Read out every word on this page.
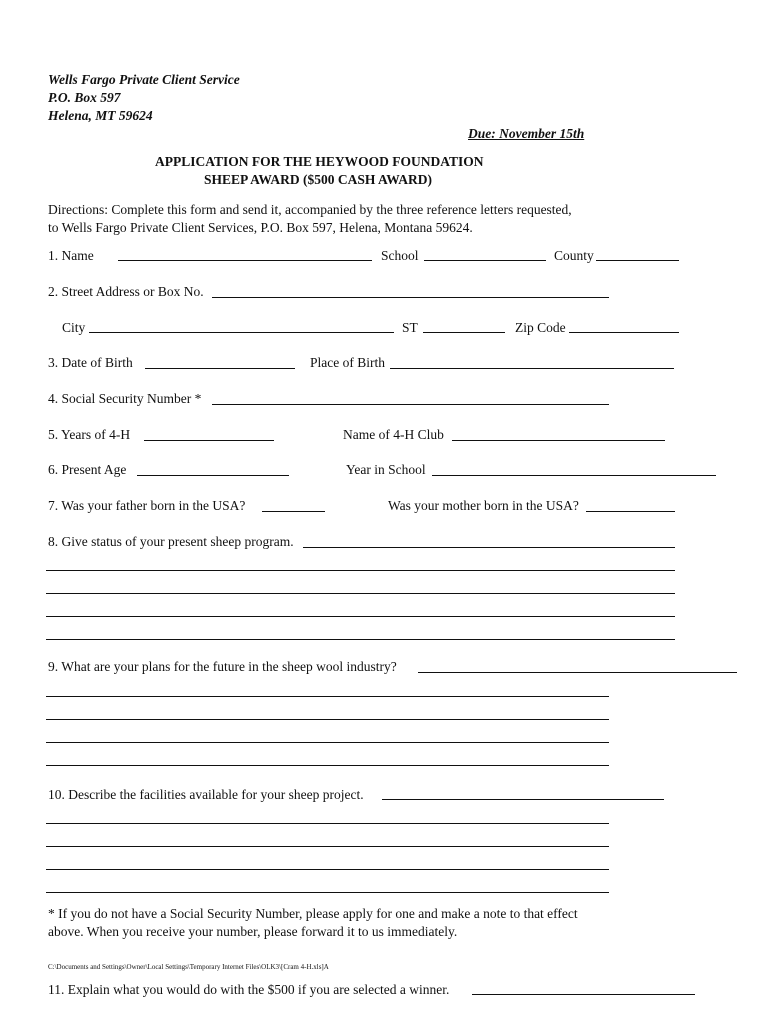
Wells Fargo Private Client Service
P.O. Box 597
Helena, MT 59624
Due: November 15th
APPLICATION FOR THE HEYWOOD FOUNDATION
SHEEP AWARD ($500 CASH AWARD)
Directions: Complete this form and send it, accompanied by the three reference letters requested,
to Wells Fargo Private Client Services, P.O. Box 597, Helena, Montana 59624.
1. Name	School	County
2. Street Address or Box No.
City	ST	Zip Code
3. Date of Birth	Place of Birth
4. Social Security Number *
5. Years of 4-H	Name of 4-H Club
6. Present Age	Year in School
7. Was your father born in the USA?	Was your mother born in the USA?
8. Give status of your present sheep program.
9. What are your plans for the future in the sheep wool industry?
10. Describe the facilities available for your sheep project.
* If you do not have a Social Security Number, please apply for one and make a note to that effect
above. When you receive your number, please forward it to us immediately.
C:\Documents and Settings\Owner\Local Settings\Temporary Internet Files\OLK3\[Cram 4-H.xls]A
11. Explain what you would do with the $500 if you are selected a winner.
